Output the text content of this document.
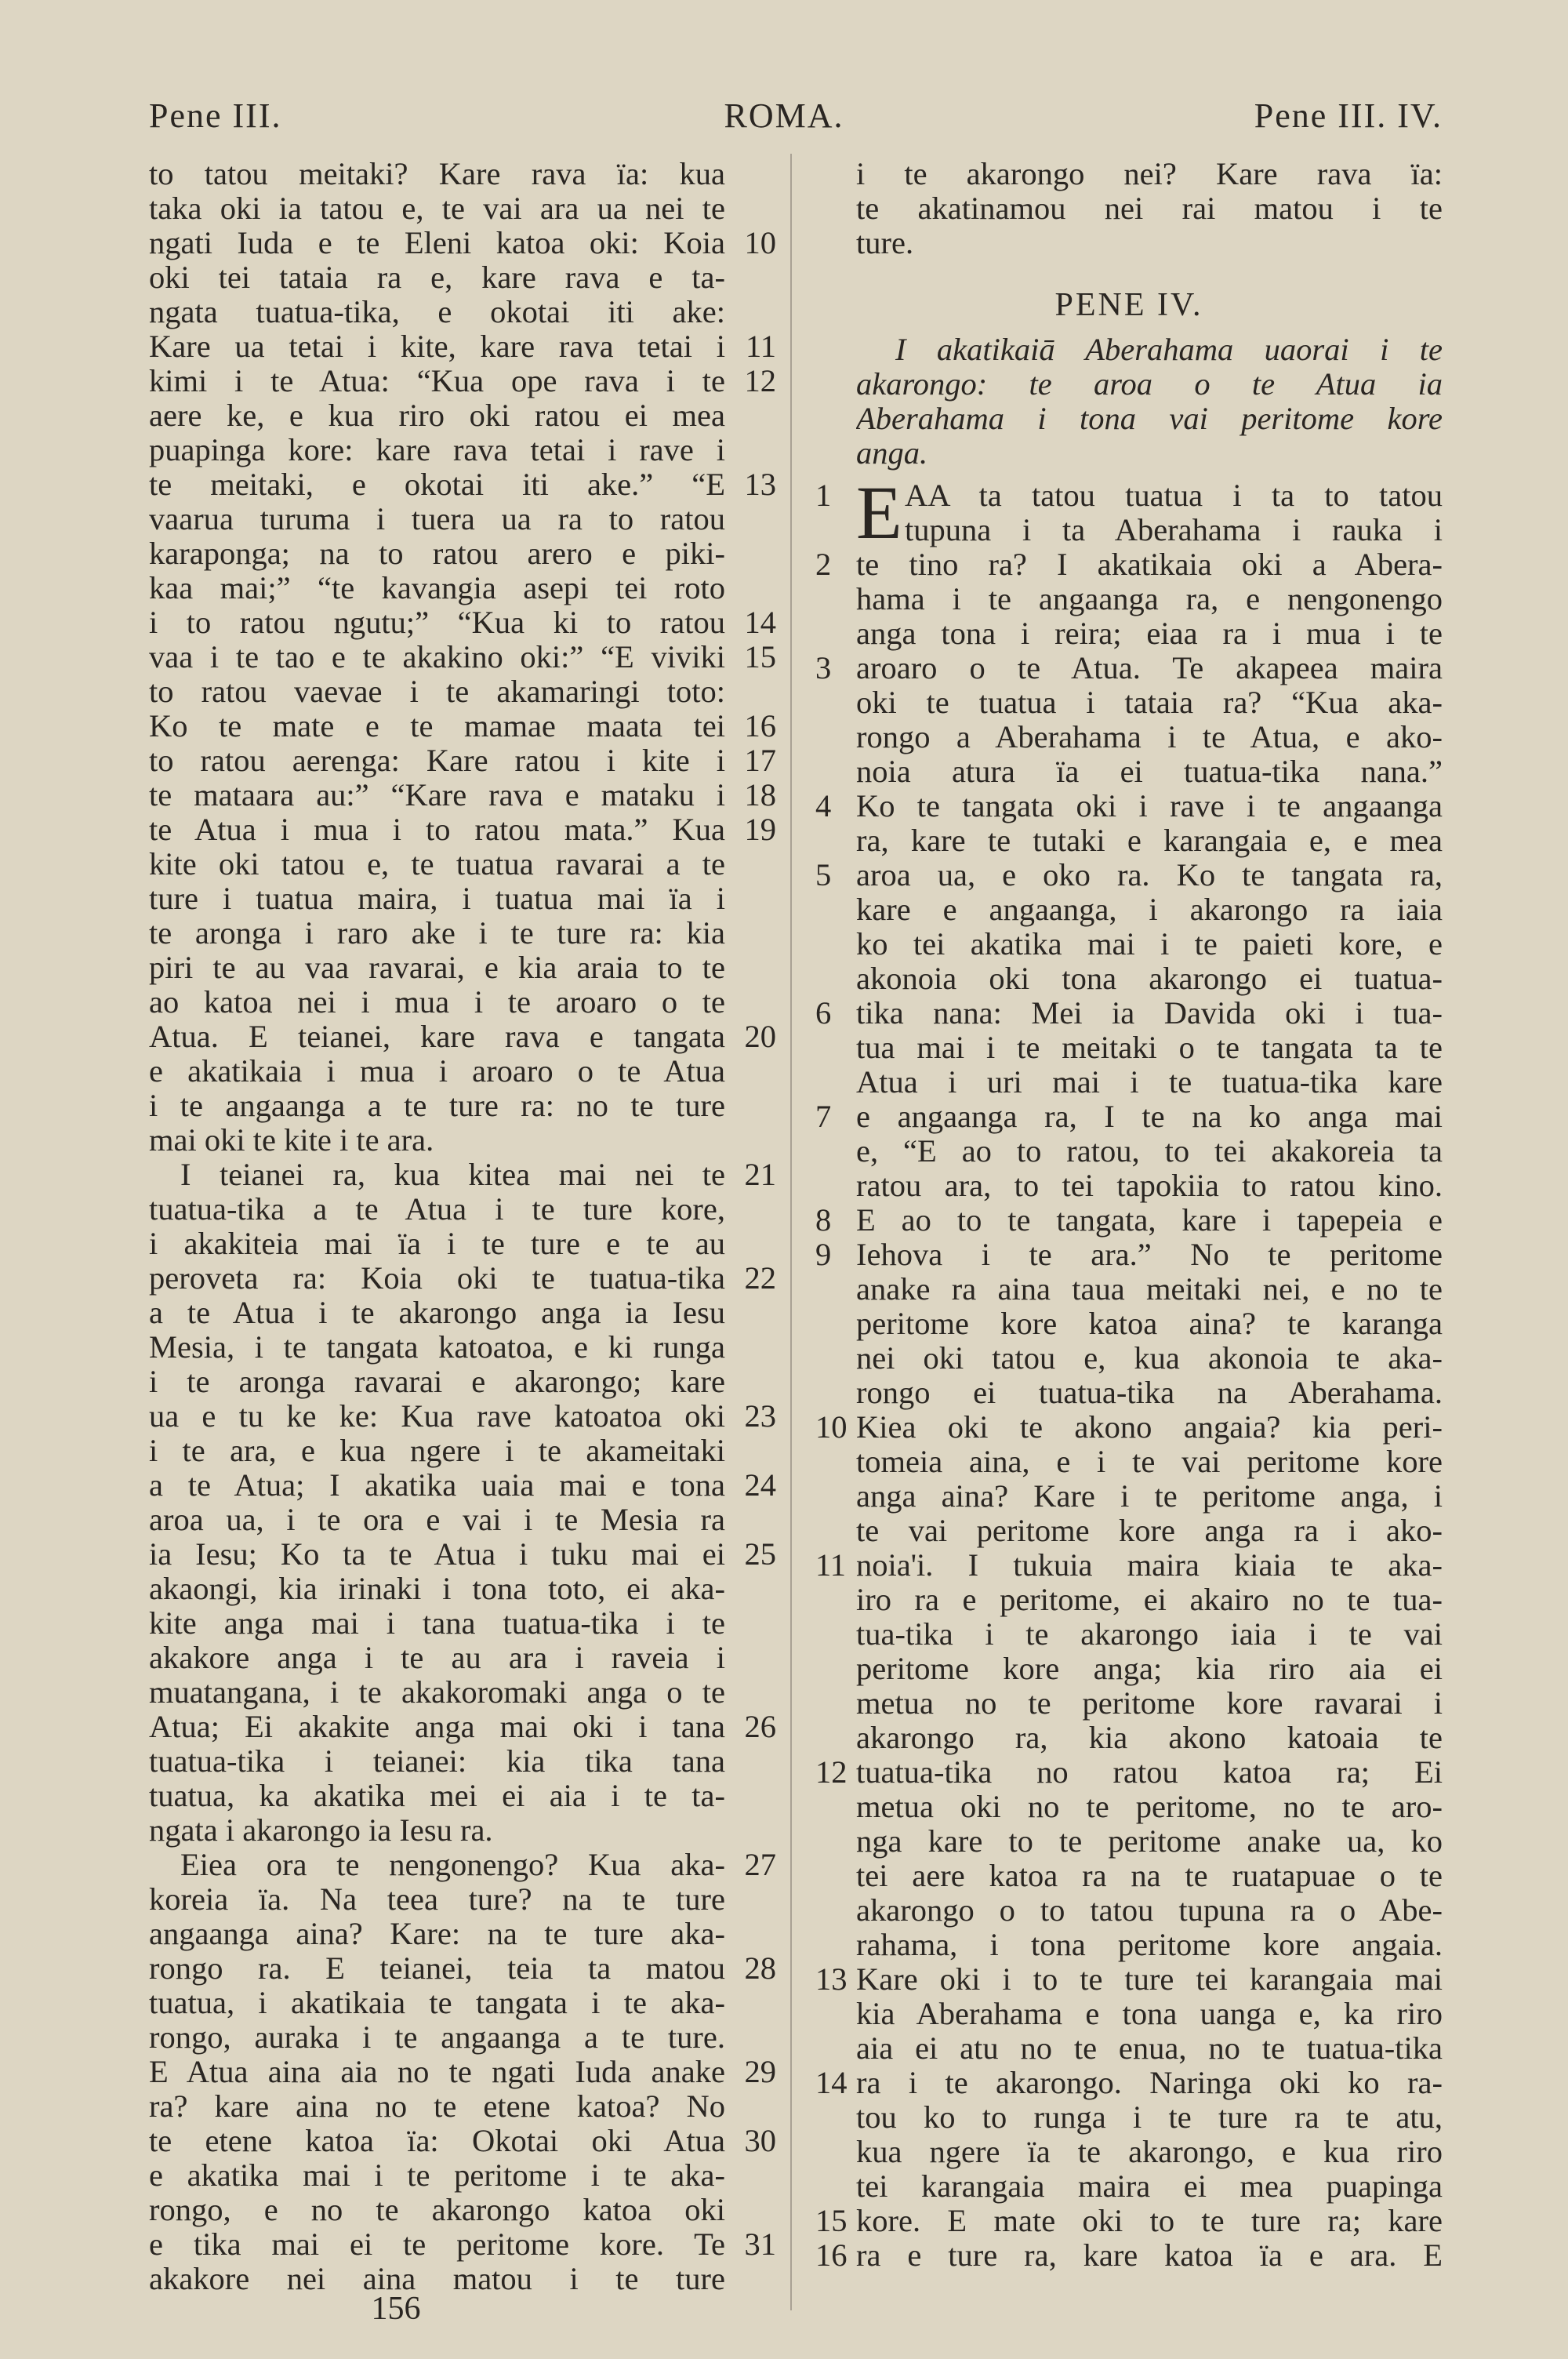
Pene III.	ROMA.	Pene III. IV.
to tatou meitaki? Kare rava ïa: kua
taka oki ia tatou e, te vai ara ua nei te
ngati Iuda e te Eleni katoa oki: Koia 10
oki tei tataia ra e, kare rava e ta-
ngata tuatua-tika, e okotai iti ake:
Kare ua tetai i kite, kare rava tetai i 11
kimi i te Atua: “Kua ope rava i te 12
aere ke, e kua riro oki ratou ei mea
puapinga kore: kare rava tetai i rave i
te meitaki, e okotai iti ake.” “E 13
vaarua turuma i tuera ua ra to ratou
karaponga; na to ratou arero e piki-
kaa mai;” “te kavangia asepi tei roto
i to ratou ngutu;” “Kua ki to ratou 14
vaa i te tao e te akakino oki:” “E viviki 15
to ratou vaevae i te akamaringi toto:
Ko te mate e te mamae maata tei 16
to ratou aerenga: Kare ratou i kite i 17
te mataara au:” “Kare rava e mataku i 18
te Atua i mua i to ratou mata.” Kua 19
kite oki tatou e, te tuatua ravarai a te
ture i tuatua maira, i tuatua mai ïa i
te aronga i raro ake i te ture ra: kia
piri te au vaa ravarai, e kia araia to te
ao katoa nei i mua i te aroaro o te
Atua. E teianei, kare rava e tangata 20
e akatikaia i mua i aroaro o te Atua
i te angaanga a te ture ra: no te ture
mai oki te kite i te ara.
I teianei ra, kua kitea mai nei te 21
tuatua-tika a te Atua i te ture kore,
i akakiteia mai ïa i te ture e te au
peroveta ra: Koia oki te tuatua-tika 22
a te Atua i te akarongo anga ia Iesu
Mesia, i te tangata katoatoa, e ki runga
i te aronga ravarai e akarongo; kare
ua e tu ke ke: Kua rave katoatoa oki 23
i te ara, e kua ngere i te akameitaki
a te Atua; I akatika uaia mai e tona 24
aroa ua, i te ora e vai i te Mesia ra
ia Iesu; Ko ta te Atua i tuku mai ei 25
akaongi, kia irinaki i tona toto, ei aka-
kite anga mai i tana tuatua-tika i te
akakore anga i te au ara i raveia i
muatangana, i te akakoromaki anga o te
Atua; Ei akakite anga mai oki i tana 26
tuatua-tika i teianei: kia tika tana
tuatua, ka akatika mei ei aia i te ta-
ngata i akarongo ia Iesu ra.
Eiea ora te nengonengo? Kua aka- 27
koreia ïa. Na teea ture? na te ture
angaanga aina? Kare: na te ture aka-
rongo ra. E teianei, teia ta matou 28
tuatua, i akatikaia te tangata i te aka-
rongo, auraka i te angaanga a te ture.
E Atua aina aia no te ngati Iuda anake 29
ra? kare aina no te etene katoa? No
te etene katoa ïa: Okotai oki Atua 30
e akatika mai i te peritome i te aka-
rongo, e no te akarongo katoa oki
e tika mai ei te peritome kore. Te 31
akakore nei aina matou i te ture
i te akarongo nei? Kare rava ïa:
te akatinamou nei rai matou i te
ture.
PENE IV.
I akatikaiā Aberahama uaorai i te
akarongo: te aroa o te Atua ia
Aberahama i tona vai peritome kore
anga.
AA ta tatou tuatua i ta to tatou
1
tupuna i ta Aberahama i rauka i
te tino ra? I akatikaia oki a Abera-
2
hama i te angaanga ra, e nengonengo
anga tona i reira; eiaa ra i mua i te
aroaro o te Atua. Te akapeea maira
3
oki te tuatua i tataia ra? “Kua aka-
rongo a Aberahama i te Atua, e ako-
noia atura ïa ei tuatua-tika nana.”
Ko te tangata oki i rave i te angaanga
4
ra, kare te tutaki e karangaia e, e mea
aroa ua, e oko ra. Ko te tangata ra,
5
kare e angaanga, i akarongo ra iaia
ko tei akatika mai i te paieti kore, e
akonoia oki tona akarongo ei tuatua-
tika nana: Mei ia Davida oki i tua-
6
tua mai i te meitaki o te tangata ta te
Atua i uri mai i te tuatua-tika kare
e angaanga ra, I te na ko anga mai
7
e, “E ao to ratou, to tei akakoreia ta
ratou ara, to tei tapokiia to ratou kino.
E ao to te tangata, kare i tapepeia e
8
Iehova i te ara.” No te peritome
9
anake ra aina taua meitaki nei, e no te
peritome kore katoa aina? te karanga
nei oki tatou e, kua akonoia te aka-
rongo ei tuatua-tika na Aberahama.
Kiea oki te akono angaia? kia peri-
10
tomeia aina, e i te vai peritome kore
anga aina? Kare i te peritome anga, i
te vai peritome kore anga ra i ako-
noia'i. I tukuia maira kiaia te aka-
11
iro ra e peritome, ei akairo no te tua-
tua-tika i te akarongo iaia i te vai
peritome kore anga; kia riro aia ei
metua no te peritome kore ravarai i
akarongo ra, kia akono katoaia te
tuatua-tika no ratou katoa ra; Ei
12
metua oki no te peritome, no te aro-
nga kare to te peritome anake ua, ko
tei aere katoa ra na te ruatapuae o te
akarongo o to tatou tupuna ra o Abe-
rahama, i tona peritome kore angaia.
Kare oki i to te ture tei karangaia mai
13
kia Aberahama e tona uanga e, ka riro
aia ei atu no te enua, no te tuatua-tika
ra i te akarongo. Naringa oki ko ra-
14
tou ko to runga i te ture ra te atu,
kua ngere ïa te akarongo, e kua riro
tei karangaia maira ei mea puapinga
kore. E mate oki to te ture ra; kare
15
ra e ture ra, kare katoa ïa e ara. E
16
E
156
